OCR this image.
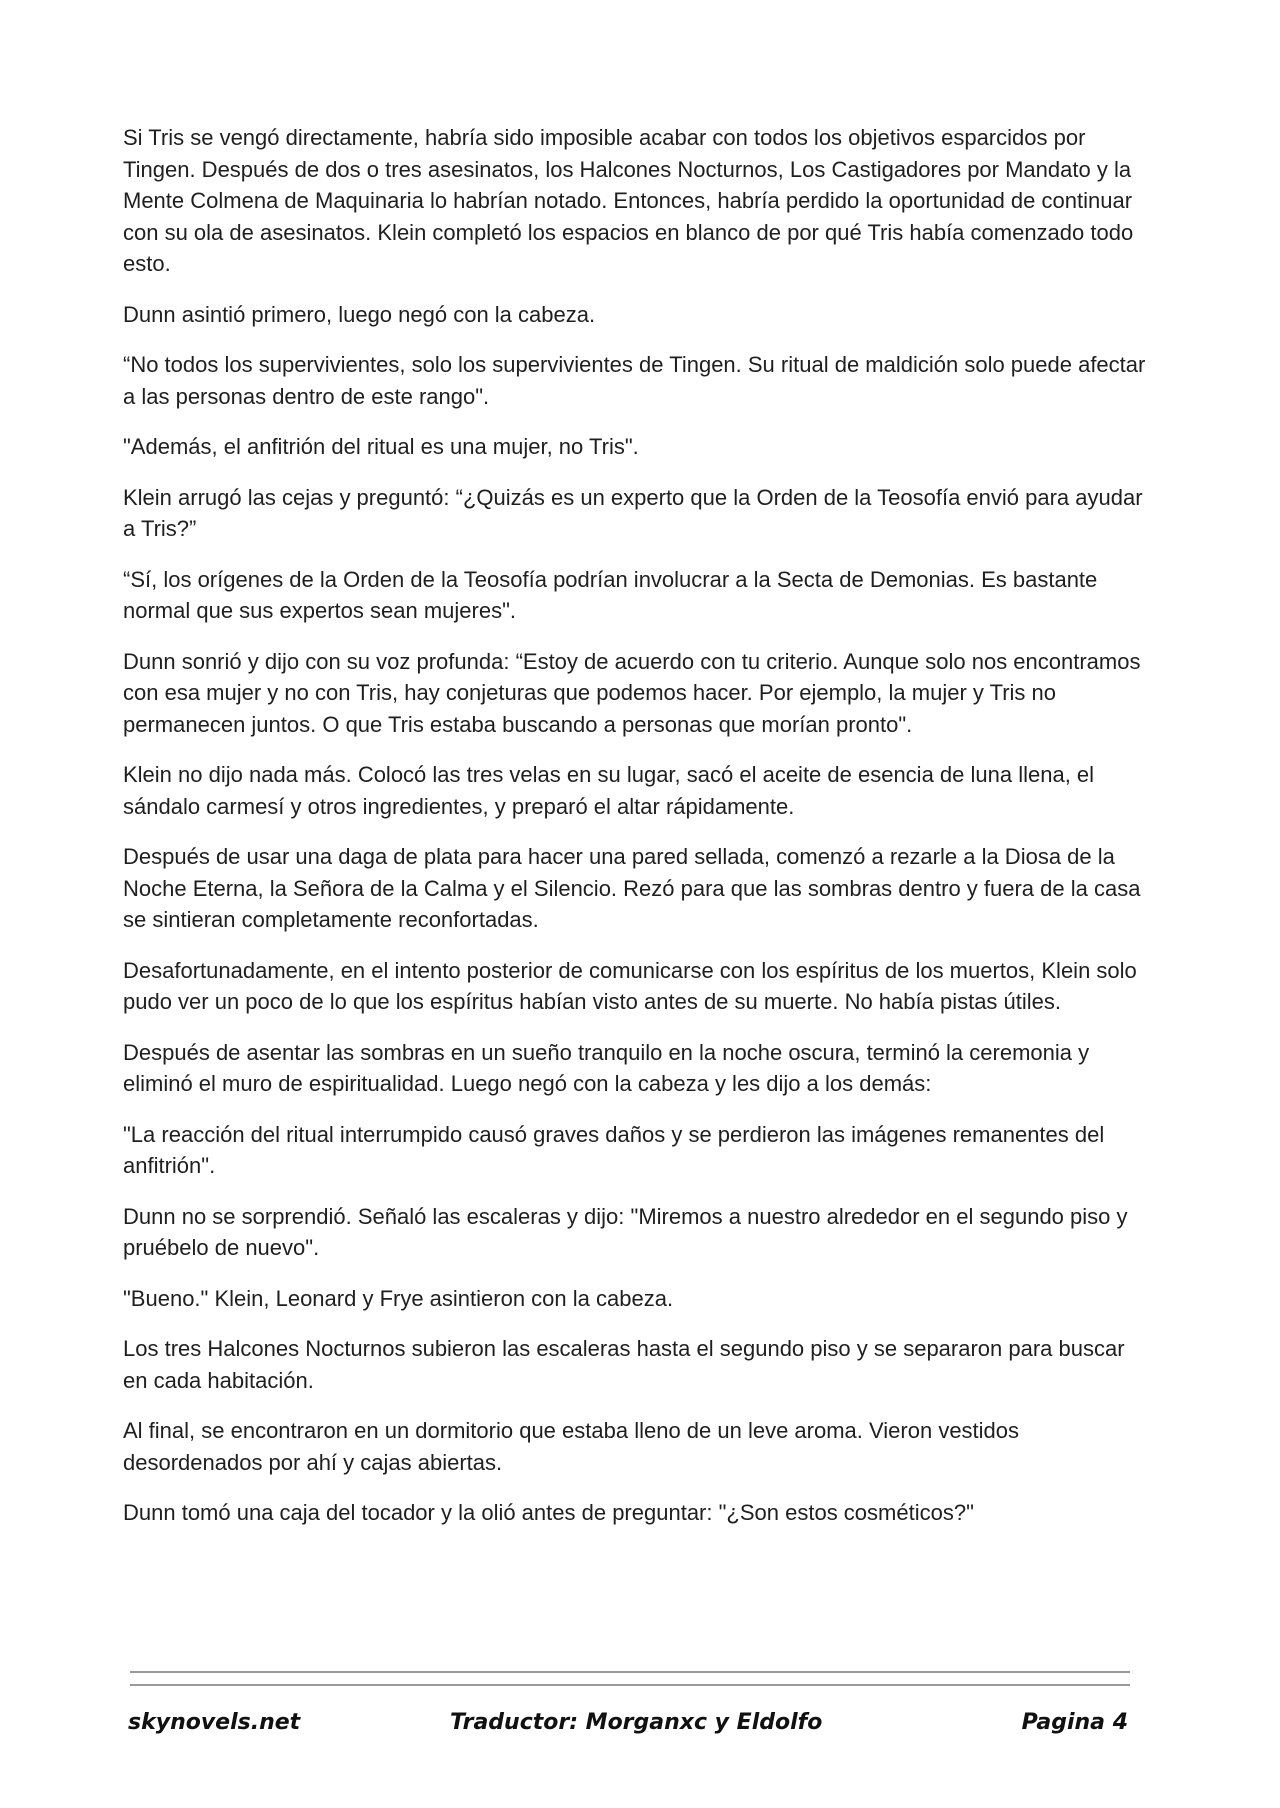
Si Tris se vengó directamente, habría sido imposible acabar con todos los objetivos esparcidos por Tingen. Después de dos o tres asesinatos, los Halcones Nocturnos, Los Castigadores por Mandato y la Mente Colmena de Maquinaria lo habrían notado. Entonces, habría perdido la oportunidad de continuar con su ola de asesinatos. Klein completó los espacios en blanco de por qué Tris había comenzado todo esto.

Dunn asintió primero, luego negó con la cabeza.

“No todos los supervivientes, solo los supervivientes de Tingen. Su ritual de maldición solo puede afectar a las personas dentro de este rango".

"Además, el anfitrión del ritual es una mujer, no Tris".

Klein arrugó las cejas y preguntó: “¿Quizás es un experto que la Orden de la Teosofía envió para ayudar a Tris?”

“Sí, los orígenes de la Orden de la Teosofía podrían involucrar a la Secta de Demonias. Es bastante normal que sus expertos sean mujeres".

Dunn sonrió y dijo con su voz profunda: “Estoy de acuerdo con tu criterio. Aunque solo nos encontramos con esa mujer y no con Tris, hay conjeturas que podemos hacer. Por ejemplo, la mujer y Tris no permanecen juntos. O que Tris estaba buscando a personas que morían pronto".

Klein no dijo nada más. Colocó las tres velas en su lugar, sacó el aceite de esencia de luna llena, el sándalo carmesí y otros ingredientes, y preparó el altar rápidamente.

Después de usar una daga de plata para hacer una pared sellada, comenzó a rezarle a la Diosa de la Noche Eterna, la Señora de la Calma y el Silencio. Rezó para que las sombras dentro y fuera de la casa se sintieran completamente reconfortadas.

Desafortunadamente, en el intento posterior de comunicarse con los espíritus de los muertos, Klein solo pudo ver un poco de lo que los espíritus habían visto antes de su muerte. No había pistas útiles.

Después de asentar las sombras en un sueño tranquilo en la noche oscura, terminó la ceremonia y eliminó el muro de espiritualidad. Luego negó con la cabeza y les dijo a los demás:

"La reacción del ritual interrumpido causó graves daños y se perdieron las imágenes remanentes del anfitrión".

Dunn no se sorprendió. Señaló las escaleras y dijo: "Miremos a nuestro alrededor en el segundo piso y pruébelo de nuevo".

"Bueno." Klein, Leonard y Frye asintieron con la cabeza.

Los tres Halcones Nocturnos subieron las escaleras hasta el segundo piso y se separaron para buscar en cada habitación.

Al final, se encontraron en un dormitorio que estaba lleno de un leve aroma. Vieron vestidos desordenados por ahí y cajas abiertas.

Dunn tomó una caja del tocador y la olió antes de preguntar: "¿Son estos cosméticos?"

skynovels.net	Traductor: Morganxc y Eldolfo	Pagina 4
